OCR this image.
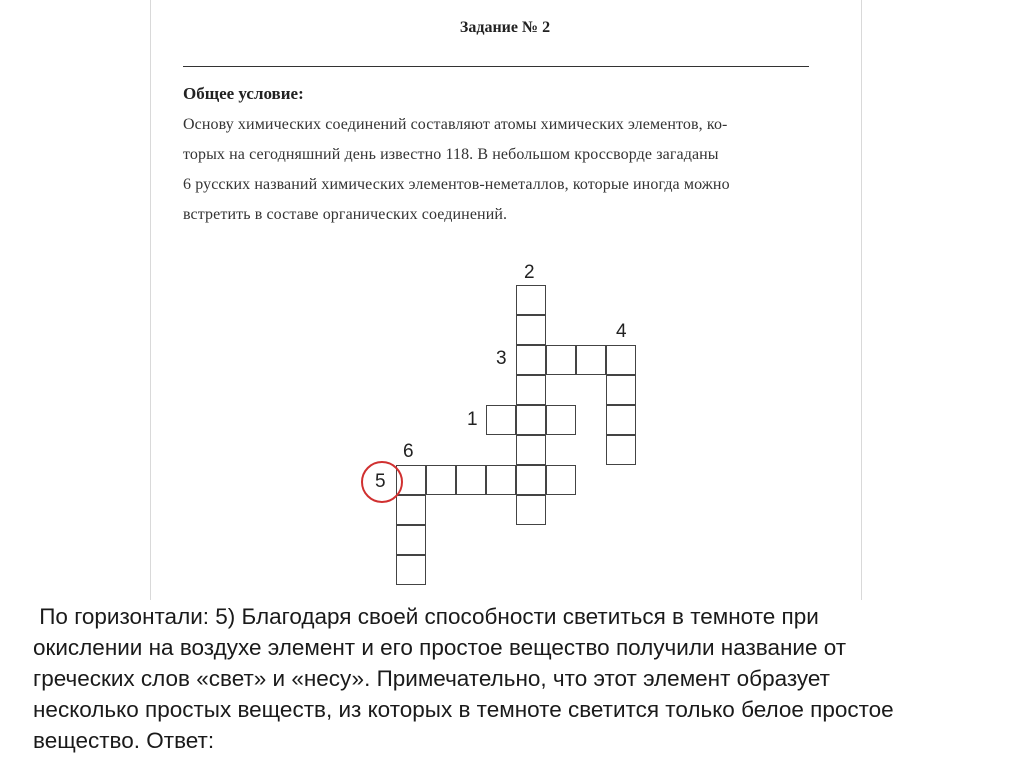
Задание № 2
Общее условие:
Основу химических соединений составляют атомы химических элементов, ко-
торых на сегодняшний день известно 118. В небольшом кроссворде загаданы
6 русских названий химических элементов-неметаллов, которые иногда можно
встретить в составе органических соединений.
2
4
3
1
6
5
По горизонтали: 5) Благодаря своей способности светиться в темноте при
окислении на воздухе элемент и его простое вещество получили название от
греческих слов «свет» и «несу». Примечательно, что этот элемент образует
несколько простых веществ, из которых в темноте светится только белое простое
вещество. Ответ:
